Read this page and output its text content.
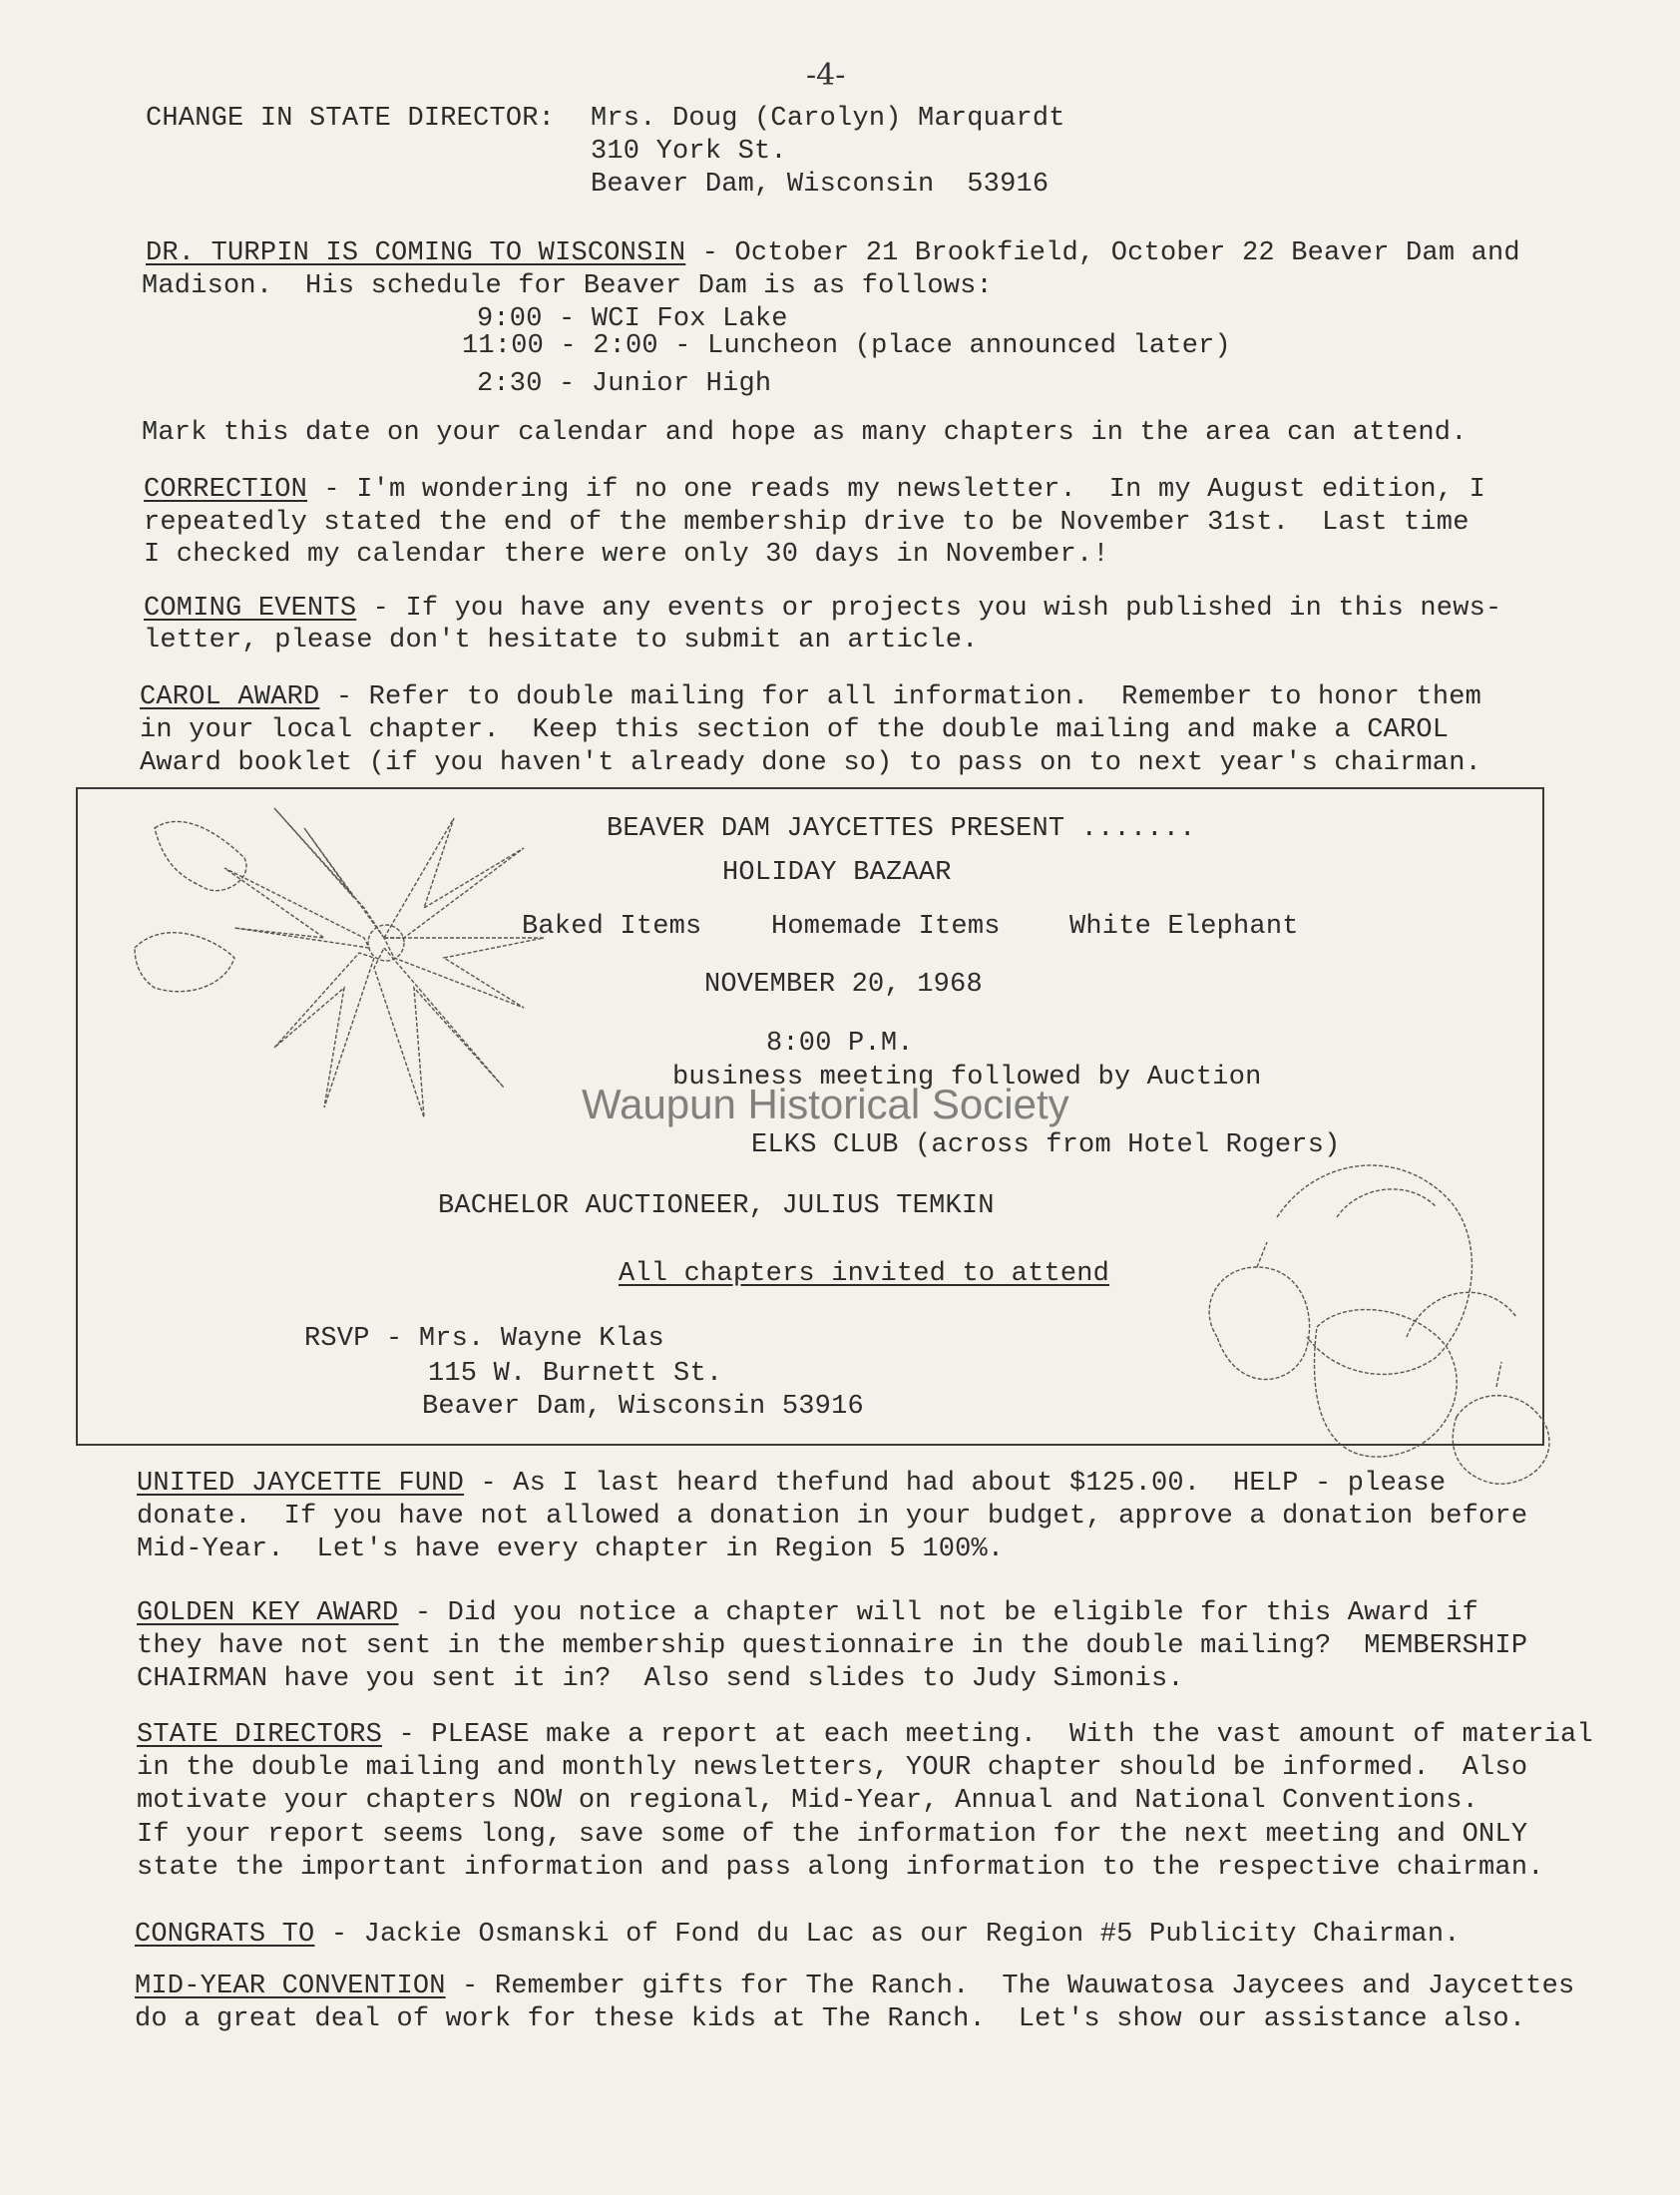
-4-
CHANGE IN STATE DIRECTOR: Mrs. Doug (Carolyn) Marquardt
310 York St.
Beaver Dam, Wisconsin  53916
DR. TURPIN IS COMING TO WISCONSIN - October 21 Brookfield, October 22 Beaver Dam and
Madison.  His schedule for Beaver Dam is as follows:
9:00 - WCI Fox Lake
11:00 - 2:00 - Luncheon (place announced later)
2:30 - Junior High
Mark this date on your calendar and hope as many chapters in the area can attend.
CORRECTION - I'm wondering if no one reads my newsletter.  In my August edition, I
repeatedly stated the end of the membership drive to be November 31st.  Last time
I checked my calendar there were only 30 days in November.!
COMING EVENTS - If you have any events or projects you wish published in this news-
letter, please don't hesitate to submit an article.
CAROL AWARD - Refer to double mailing for all information.  Remember to honor them
in your local chapter.  Keep this section of the double mailing and make a CAROL
Award booklet (if you haven't already done so) to pass on to next year's chairman.
BEAVER DAM JAYCETTES PRESENT .......
HOLIDAY BAZAAR
Baked Items	Homemade Items	White Elephant
NOVEMBER 20, 1968
8:00 P.M.
business meeting followed by Auction
ELKS CLUB (across from Hotel Rogers)
BACHELOR AUCTIONEER, JULIUS TEMKIN
All chapters invited to attend
RSVP - Mrs. Wayne Klas
115 W. Burnett St.
Beaver Dam, Wisconsin 53916
Waupun Historical Society
UNITED JAYCETTE FUND - As I last heard thefund had about $125.00.  HELP - please
donate.  If you have not allowed a donation in your budget, approve a donation before
Mid-Year.  Let's have every chapter in Region 5 100%.
GOLDEN KEY AWARD - Did you notice a chapter will not be eligible for this Award if
they have not sent in the membership questionnaire in the double mailing?  MEMBERSHIP
CHAIRMAN have you sent it in?  Also send slides to Judy Simonis.
STATE DIRECTORS - PLEASE make a report at each meeting.  With the vast amount of material
in the double mailing and monthly newsletters, YOUR chapter should be informed.  Also
motivate your chapters NOW on regional, Mid-Year, Annual and National Conventions.
If your report seems long, save some of the information for the next meeting and ONLY
state the important information and pass along information to the respective chairman.
CONGRATS TO - Jackie Osmanski of Fond du Lac as our Region #5 Publicity Chairman.
MID-YEAR CONVENTION - Remember gifts for The Ranch.  The Wauwatosa Jaycees and Jaycettes
do a great deal of work for these kids at The Ranch.  Let's show our assistance also.
